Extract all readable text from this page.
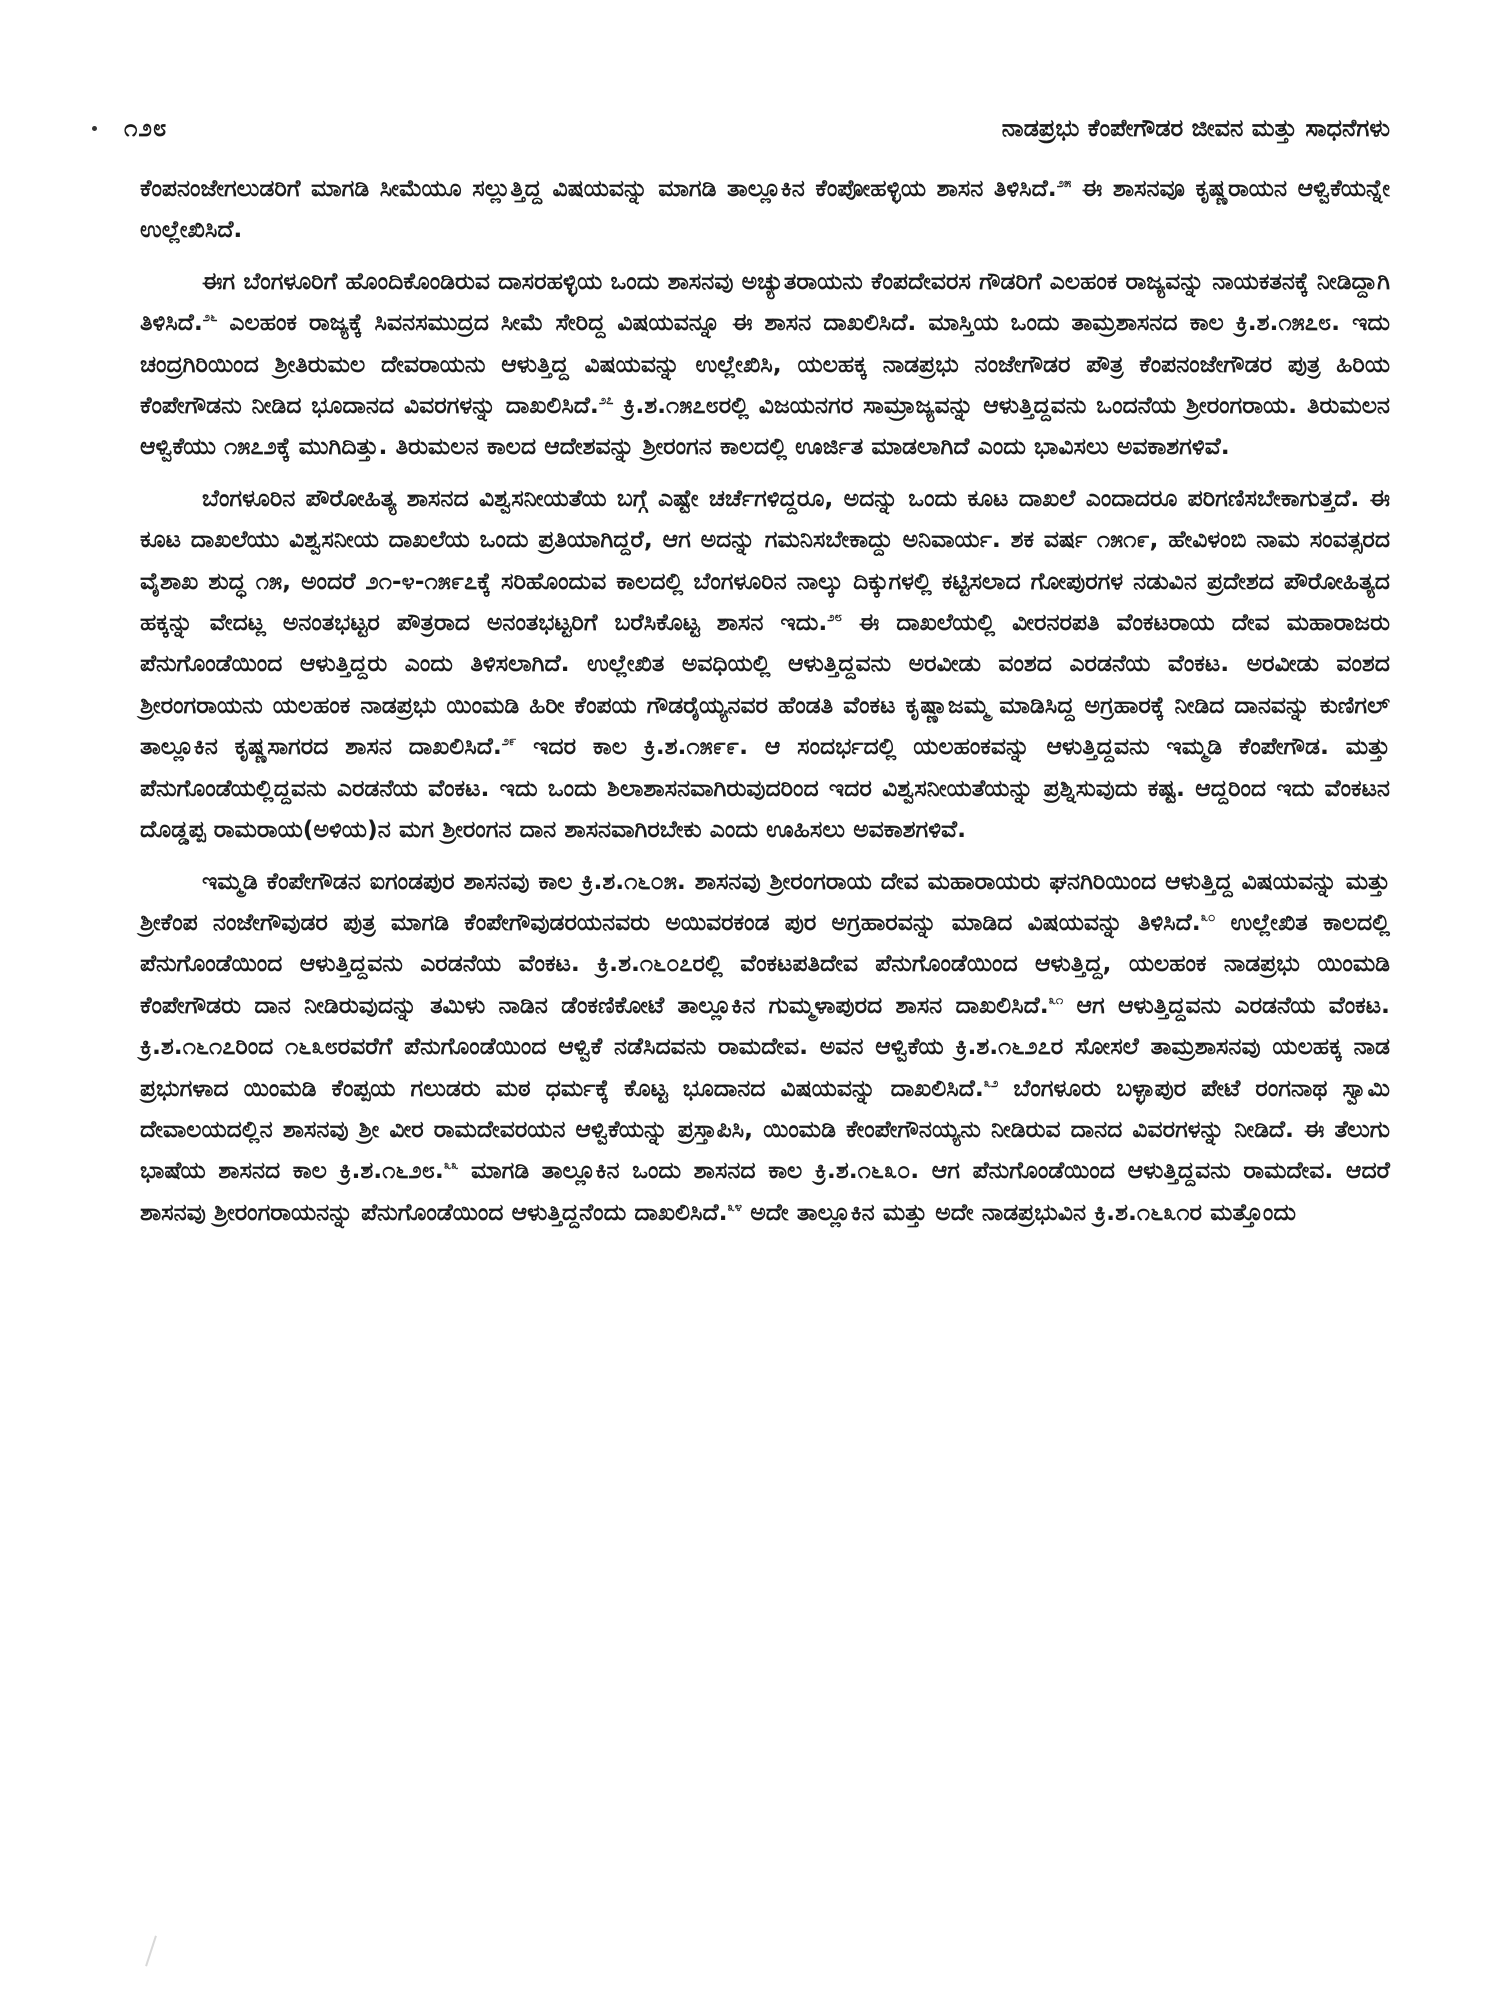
೧೨೮	ನಾಡಪ್ರಭು ಕೆಂಪೇಗೌಡರ ಜೀವನ ಮತ್ತು ಸಾಧನೆಗಳು

ಕೆಂಪನಂಜೇಗಲುಡರಿಗೆ ಮಾಗಡಿ ಸೀಮೆಯೂ ಸಲ್ಲುತ್ತಿದ್ದ ವಿಷಯವನ್ನು ಮಾಗಡಿ ತಾಲ್ಲೂಕಿನ ಕೆಂಪೋಹಳ್ಳಿಯ ಶಾಸನ ತಿಳಿಸಿದೆ.$^{೨೫}$ ಈ ಶಾಸನವೂ ಕೃಷ್ಣರಾಯನ ಆಳ್ವಿಕೆಯನ್ನೇ ಉಲ್ಲೇಖಿಸಿದೆ.

ಈಗ ಬೆಂಗಳೂರಿಗೆ ಹೊಂದಿಕೊಂಡಿರುವ ದಾಸರಹಳ್ಳಿಯ ಒಂದು ಶಾಸನವು ಅಚ್ಯುತರಾಯನು ಕೆಂಪದೇವರಸ ಗೌಡರಿಗೆ ಎಲಹಂಕ ರಾಜ್ಯವನ್ನು ನಾಯಕತನಕ್ಕೆ ನೀಡಿದ್ದಾಗಿ ತಿಳಿಸಿದೆ.$^{೨೬}$ ಎಲಹಂಕ ರಾಜ್ಯಕ್ಕೆ ಸಿವನಸಮುದ್ರದ ಸೀಮೆ ಸೇರಿದ್ದ ವಿಷಯವನ್ನೂ ಈ ಶಾಸನ ದಾಖಲಿಸಿದೆ. ಮಾಸ್ತಿಯ ಒಂದು ತಾಮ್ರಶಾಸನದ ಕಾಲ ಕ್ರಿ.ಶ.೧೫೭೮. ಇದು ಚಂದ್ರಗಿರಿಯಿಂದ ಶ್ರೀತಿರುಮಲ ದೇವರಾಯನು ಆಳುತ್ತಿದ್ದ ವಿಷಯವನ್ನು ಉಲ್ಲೇಖಿಸಿ, ಯಲಹಕ್ಕ ನಾಡಪ್ರಭು ನಂಜೇಗೌಡರ ಪೌತ್ರ ಕೆಂಪನಂಜೇಗೌಡರ ಪುತ್ರ ಹಿರಿಯ ಕೆಂಪೇಗೌಡನು ನೀಡಿದ ಭೂದಾನದ ವಿವರಗಳನ್ನು ದಾಖಲಿಸಿದೆ.$^{೨೭}$ ಕ್ರಿ.ಶ.೧೫೭೮ರಲ್ಲಿ ವಿಜಯನಗರ ಸಾಮ್ರಾಜ್ಯವನ್ನು ಆಳುತ್ತಿದ್ದವನು ಒಂದನೆಯ ಶ್ರೀರಂಗರಾಯ. ತಿರುಮಲನ ಆಳ್ವಿಕೆಯು ೧೫೭೨ಕ್ಕೆ ಮುಗಿದಿತ್ತು. ತಿರುಮಲನ ಕಾಲದ ಆದೇಶವನ್ನು ಶ್ರೀರಂಗನ ಕಾಲದಲ್ಲಿ ಊರ್ಜಿತ ಮಾಡಲಾಗಿದೆ ಎಂದು ಭಾವಿಸಲು ಅವಕಾಶಗಳಿವೆ.

ಬೆಂಗಳೂರಿನ ಪೌರೋಹಿತ್ಯ ಶಾಸನದ ವಿಶ್ವಸನೀಯತೆಯ ಬಗ್ಗೆ ಎಷ್ಟೇ ಚರ್ಚೆಗಳಿದ್ದರೂ, ಅದನ್ನು ಒಂದು ಕೂಟ ದಾಖಲೆ ಎಂದಾದರೂ ಪರಿಗಣಿಸಬೇಕಾಗುತ್ತದೆ. ಈ ಕೂಟ ದಾಖಲೆಯು ವಿಶ್ವಸನೀಯ ದಾಖಲೆಯ ಒಂದು ಪ್ರತಿಯಾಗಿದ್ದರೆ, ಆಗ ಅದನ್ನು ಗಮನಿಸಬೇಕಾದ್ದು ಅನಿವಾರ್ಯ. ಶಕ ವರ್ಷ ೧೫೧೯, ಹೇವಿಳಂಬಿ ನಾಮ ಸಂವತ್ಸರದ ವೈಶಾಖ ಶುದ್ಧ ೧೫, ಅಂದರೆ ೨೧-೪-೧೫೯೭ಕ್ಕೆ ಸರಿಹೊಂದುವ ಕಾಲದಲ್ಲಿ ಬೆಂಗಳೂರಿನ ನಾಲ್ಕು ದಿಕ್ಕುಗಳಲ್ಲಿ ಕಟ್ಟಿಸಲಾದ ಗೋಪುರಗಳ ನಡುವಿನ ಪ್ರದೇಶದ ಪೌರೋಹಿತ್ಯದ ಹಕ್ಕನ್ನು ವೇದಟ್ಲ ಅನಂತಭಟ್ಟರ ಪೌತ್ರರಾದ ಅನಂತಭಟ್ಟರಿಗೆ ಬರೆಸಿಕೊಟ್ಟ ಶಾಸನ ಇದು.$^{೨೮}$ ಈ ದಾಖಲೆಯಲ್ಲಿ ವೀರನರಪತಿ ವೆಂಕಟರಾಯ ದೇವ ಮಹಾರಾಜರು ಪೆನುಗೊಂಡೆಯಿಂದ ಆಳುತ್ತಿದ್ದರು ಎಂದು ತಿಳಿಸಲಾಗಿದೆ. ಉಲ್ಲೇಖಿತ ಅವಧಿಯಲ್ಲಿ ಆಳುತ್ತಿದ್ದವನು ಅರವೀಡು ವಂಶದ ಎರಡನೆಯ ವೆಂಕಟ. ಅರವೀಡು ವಂಶದ ಶ್ರೀರಂಗರಾಯನು ಯಲಹಂಕ ನಾಡಪ್ರಭು ಯಿಂಮಡಿ ಹಿರೀ ಕೆಂಪಯ ಗೌಡರೈಯ್ಯನವರ ಹೆಂಡತಿ ವೆಂಕಟ ಕೃಷ್ಣಾಜಮ್ಮ ಮಾಡಿಸಿದ್ದ ಅಗ್ರಹಾರಕ್ಕೆ ನೀಡಿದ ದಾನವನ್ನು ಕುಣಿಗಲ್ ತಾಲ್ಲೂಕಿನ ಕೃಷ್ಣಸಾಗರದ ಶಾಸನ ದಾಖಲಿಸಿದೆ.$^{೨೯}$ ಇದರ ಕಾಲ ಕ್ರಿ.ಶ.೧೫೯೯. ಆ ಸಂದರ್ಭದಲ್ಲಿ ಯಲಹಂಕವನ್ನು ಆಳುತ್ತಿದ್ದವನು ಇಮ್ಮಡಿ ಕೆಂಪೇಗೌಡ. ಮತ್ತು ಪೆನುಗೊಂಡೆಯಲ್ಲಿದ್ದವನು ಎರಡನೆಯ ವೆಂಕಟ. ಇದು ಒಂದು ಶಿಲಾಶಾಸನವಾಗಿರುವುದರಿಂದ ಇದರ ವಿಶ್ವಸನೀಯತೆಯನ್ನು ಪ್ರಶ್ನಿಸುವುದು ಕಷ್ಟ. ಆದ್ದರಿಂದ ಇದು ವೆಂಕಟನ ದೊಡ್ಡಪ್ಪ ರಾಮರಾಯ(ಅಳಿಯ)ನ ಮಗ ಶ್ರೀರಂಗನ ದಾನ ಶಾಸನವಾಗಿರಬೇಕು ಎಂದು ಊಹಿಸಲು ಅವಕಾಶಗಳಿವೆ.

ಇಮ್ಮಡಿ ಕೆಂಪೇಗೌಡನ ಐಗಂಡಪುರ ಶಾಸನವು ಕಾಲ ಕ್ರಿ.ಶ.೧೬೦೫. ಶಾಸನವು ಶ್ರೀರಂಗರಾಯ ದೇವ ಮಹಾರಾಯರು ಘನಗಿರಿಯಿಂದ ಆಳುತ್ತಿದ್ದ ವಿಷಯವನ್ನು ಮತ್ತು ಶ್ರೀಕೆಂಪ ನಂಜೇಗೌವುಡರ ಪುತ್ರ ಮಾಗಡಿ ಕೆಂಪೇಗೌವುಡರಯನವರು ಅಯಿವರಕಂಡ ಪುರ ಅಗ್ರಹಾರವನ್ನು ಮಾಡಿದ ವಿಷಯವನ್ನು ತಿಳಿಸಿದೆ.$^{೩೦}$ ಉಲ್ಲೇಖಿತ ಕಾಲದಲ್ಲಿ ಪೆನುಗೊಂಡೆಯಿಂದ ಆಳುತ್ತಿದ್ದವನು ಎರಡನೆಯ ವೆಂಕಟ. ಕ್ರಿ.ಶ.೧೬೦೭ರಲ್ಲಿ ವೆಂಕಟಪತಿದೇವ ಪೆನುಗೊಂಡೆಯಿಂದ ಆಳುತ್ತಿದ್ದ, ಯಲಹಂಕ ನಾಡಪ್ರಭು ಯಿಂಮಡಿ ಕೆಂಪೇಗೌಡರು ದಾನ ನೀಡಿರುವುದನ್ನು ತಮಿಳು ನಾಡಿನ ಡೆಂಕಣಿಕೋಟೆ ತಾಲ್ಲೂಕಿನ ಗುಮ್ಮಳಾಪುರದ ಶಾಸನ ದಾಖಲಿಸಿದೆ.$^{೩೧}$ ಆಗ ಆಳುತ್ತಿದ್ದವನು ಎರಡನೆಯ ವೆಂಕಟ. ಕ್ರಿ.ಶ.೧೬೧೭ರಿಂದ ೧೬೩೮ರವರೆಗೆ ಪೆನುಗೊಂಡೆಯಿಂದ ಆಳ್ವಿಕೆ ನಡೆಸಿದವನು ರಾಮದೇವ. ಅವನ ಆಳ್ವಿಕೆಯ ಕ್ರಿ.ಶ.೧೬೨೭ರ ಸೋಸಲೆ ತಾಮ್ರಶಾಸನವು ಯಲಹಕ್ಕ ನಾಡ ಪ್ರಭುಗಳಾದ ಯಿಂಮಡಿ ಕೆಂಪ್ಪಯ ಗಲುಡರು ಮಠ ಧರ್ಮಕ್ಕೆ ಕೊಟ್ಟ ಭೂದಾನದ ವಿಷಯವನ್ನು ದಾಖಲಿಸಿದೆ.$^{೩೨}$ ಬೆಂಗಳೂರು ಬಳ್ಳಾಪುರ ಪೇಟೆ ರಂಗನಾಥ ಸ್ವಾಮಿ ದೇವಾಲಯದಲ್ಲಿನ ಶಾಸನವು ಶ್ರೀ ವೀರ ರಾಮದೇವರಯನ ಆಳ್ವಿಕೆಯನ್ನು ಪ್ರಸ್ತಾಪಿಸಿ, ಯಿಂಮಡಿ ಕೇಂಪೇಗೌನಯ್ಯನು ನೀಡಿರುವ ದಾನದ ವಿವರಗಳನ್ನು ನೀಡಿದೆ. ಈ ತೆಲುಗು ಭಾಷೆಯ ಶಾಸನದ ಕಾಲ ಕ್ರಿ.ಶ.೧೬೨೮.೩೩ ಮಾಗಡಿ ತಾಲ್ಲೂಕಿನ ಒಂದು ಶಾಸನದ ಕಾಲ ಕ್ರಿ.ಶ.೧೬೩೦. ಆಗ ಪೆನುಗೊಂಡೆಯಿಂದ ಆಳುತ್ತಿದ್ದವನು ರಾಮದೇವ. ಆದರೆ ಶಾಸನವು ಶ್ರೀರಂಗರಾಯನನ್ನು ಪೆನುಗೊಂಡೆಯಿಂದ ಆಳುತ್ತಿದ್ದನೆಂದು ದಾಖಲಿಸಿದೆ.$^{೩೪}$ ಅದೇ ತಾಲ್ಲೂಕಿನ ಮತ್ತು ಅದೇ ನಾಡಪ್ರಭುವಿನ ಕ್ರಿ.ಶ.೧೬೩೧ರ ಮತ್ತೊಂದು
